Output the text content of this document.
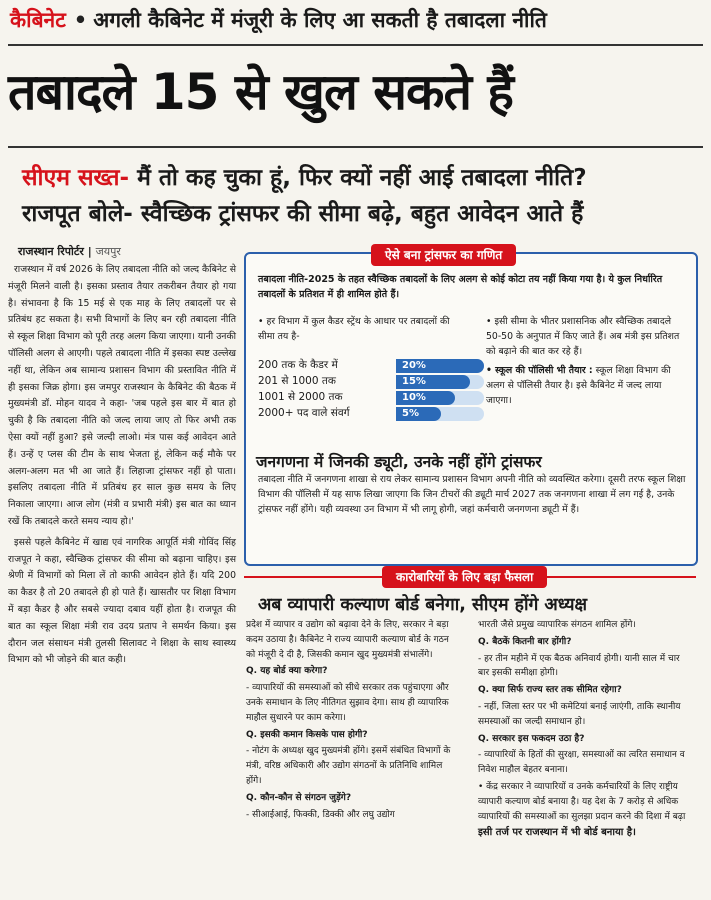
कैबिनेट • अगली कैबिनेट में मंजूरी के लिए आ सकती है तबादला नीति
तबादले 15 से खुल सकते हैं
सीएम सख्त- मैं तो कह चुका हूं, फिर क्यों नहीं आई तबादला नीति?
राजपूत बोले- स्वैच्छिक ट्रांसफर की सीमा बढ़े, बहुत आवेदन आते हैं
राजस्थान रिपोर्टर | जयपुर

राजस्थान में वर्ष 2026 के लिए तबादला नीति को जल्द कैबिनेट से मंजूरी मिलने वाली है। इसका प्रस्ताव तैयार तकरीबन तैयार हो गया है। संभावना है कि 15 मई से एक माह के लिए तबादलों पर से प्रतिबंध हट सकता है। सभी विभागों के लिए बन रही तबादला नीति से स्कूल शिक्षा विभाग को पूरी तरह अलग किया जाएगा। यानी उनकी पॉलिसी अलग से आएगी। पहले तबादला नीति में इसका स्पष्ट उल्लेख नहीं था, लेकिन अब सामान्य प्रशासन विभाग की प्रस्तावित नीति में ही इसका जिक्र होगा। इस जमपुर राजस्थान के कैबिनेट की बैठक में मुख्यमंत्री डॉ. मोहन यादव ने कहा- 'जब पहले इस बार में बात हो चुकी है कि तबादला नीति को जल्द लाया जाए तो फिर अभी तक ऐसा क्यों नहीं हुआ? इसे जल्दी लाओ। मंत्र पास कई आवेदन आते हैं। उन्हें ए प्लस की टीम के साथ भेजता हूं, लेकिन कई मौके पर अलग-अलग मत भी आ जाते हैं। लिहाजा ट्रांसफर नहीं हो पाता। इसलिए तबादला नीति में प्रतिबंध हर साल कुछ समय के लिए निकाला जाएगा। आज लोग (मंत्री व प्रभारी मंत्री) इस बात का ध्यान रखें कि तबादले करते समय न्याय हो।'

इससे पहले कैबिनेट में खाद्य एवं नागरिक आपूर्ति मंत्री गोविंद सिंह राजपूत ने कहा, स्वैच्छिक ट्रांसफर की सीमा को बढ़ाना चाहिए। इस श्रेणी में विभागों को मिला लें तो काफी आवेदन होते हैं। यदि 200 का कैडर है तो 20 तबादले ही हो पाते हैं। खासतौर पर शिक्षा विभाग में बड़ा कैडर है और सबसे ज्यादा दबाव यहीं होता है। राजपूत की बात का स्कूल शिक्षा मंत्री राव उदय प्रताप ने समर्थन किया। इस दौरान जल संसाधन मंत्री तुलसी सिलावट ने शिक्षा के साथ स्वास्थ्य विभाग को भी जोड़ने की बात कही।

ऐसे बना ट्रांसफर का गणित
तबादला नीति-2025 के तहत स्वैच्छिक तबादलों के लिए अलग से कोई कोटा तय नहीं किया गया है। ये कुल निर्धारित तबादलों के प्रतिशत में ही शामिल होते हैं।
• हर विभाग में कुल कैडर स्ट्रेंथ के आधार पर तबादलों की सीमा तय है-
200 तक के कैडर में	20%
201 से 1000 तक	15%
1001 से 2000 तक	10%
2000+ पद वाले संवर्ग	5%
• इसी सीमा के भीतर प्रशासनिक और स्वैच्छिक तबादले 50-50 के अनुपात में किए जाते हैं। अब मंत्री इस प्रतिशत को बढ़ाने की बात कर रहे हैं।
• स्कूल की पॉलिसी भी तैयार : स्कूल शिक्षा विभाग की अलग से पॉलिसी तैयार है। इसे कैबिनेट में जल्द लाया जाएगा।
जनगणना में जिनकी ड्यूटी, उनके नहीं होंगे ट्रांसफर
तबादला नीति में जनगणना शाखा से राय लेकर सामान्य प्रशासन विभाग अपनी नीति को व्यवस्थित करेगा। दूसरी तरफ स्कूल शिक्षा विभाग की पॉलिसी में यह साफ लिखा जाएगा कि जिन टीचरों की ड्यूटी मार्च 2027 तक जनगणना शाखा में लग गई है, उनके ट्रांसफर नहीं होंगे। यही व्यवस्था उन विभाग में भी लागू होगी, जहां कर्मचारी जनगणना ड्यूटी में हैं।
कारोबारियों के लिए बड़ा फैसला
अब व्यापारी कल्याण बोर्ड बनेगा, सीएम होंगे अध्यक्ष

प्रदेश में व्यापार व उद्योग को बढ़ावा देने के लिए, सरकार ने बड़ा कदम उठाया है। कैबिनेट ने राज्य व्यापारी कल्याण बोर्ड के गठन को मंजूरी दे दी है, जिसकी कमान खुद मुख्यमंत्री संभालेंगे।

Q. यह बोर्ड क्या करेगा?

- व्यापारियों की समस्याओं को सीधे सरकार तक पहुंचाएगा और उनके समाधान के लिए नीतिगत सुझाव देगा। साथ ही व्यापारिक माहौल सुधारने पर काम करेगा।

Q. इसकी कमान किसके पास होगी?

- नोटंग के अध्यक्ष खुद मुख्यमंत्री होंगे। इसमें संबंधित विभागों के मंत्री, वरिष्ठ अधिकारी और उद्योग संगठनों के प्रतिनिधि शामिल होंगे।

Q. कौन-कौन से संगठन जुड़ेंगे?

- सीआईआई, फिक्की, डिक्की और लघु उद्योग

भारती जैसे प्रमुख व्यापारिक संगठन शामिल होंगे।

Q. बैठकें कितनी बार होंगी?

- हर तीन महीने में एक बैठक अनिवार्य होगी। यानी साल में चार बार इसकी समीक्षा होगी।

Q. क्या सिर्फ राज्य स्तर तक सीमित रहेगा?

- नहीं, जिला स्तर पर भी कमेटियां बनाई जाएंगी, ताकि स्थानीय समस्याओं का जल्दी समाधान हो।

Q. सरकार इस फकदम उठा है?

- व्यापारियों के हितों की सुरक्षा, समस्याओं का त्वरित समाधान व निवेश माहौल बेहतर बनाना।

• केंद्र सरकार ने व्यापारियों व उनके कर्मचारियों के लिए राष्ट्रीय व्यापारी कल्याण बोर्ड बनाया है। यह देश के 7 करोड़ से अधिक व्यापारियों की समस्याओं का सुलझा प्रदान करने की दिशा में बढ़ा

इसी तर्ज पर राजस्थान में भी बोर्ड बनाया है।
